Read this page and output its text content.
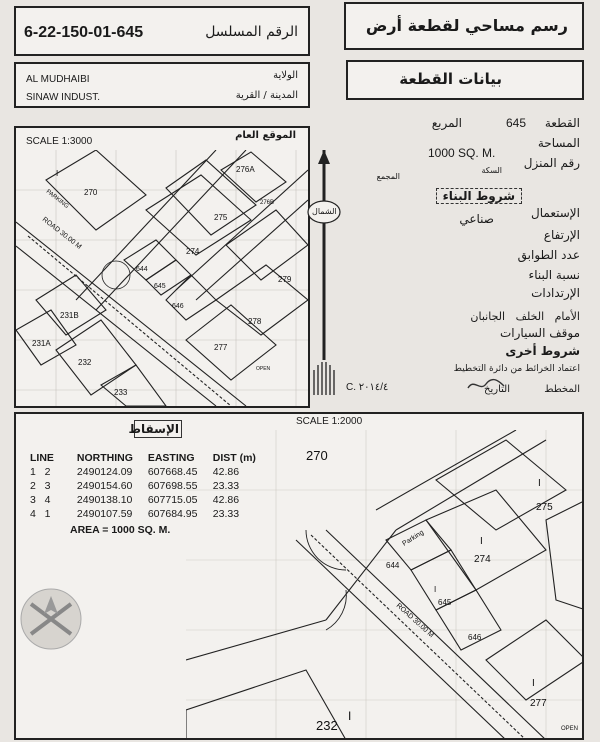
6-22-150-01-645	الرقم المسلسل	رسم مساحي لقطعة أرض
AL MUDHAIBI	الولاية
SINAW INDUST.	المدينة / القرية
بيانات القطعة
SCALE 1:3000
الموقع العام
270
I	276A
276B
275
274
644
645
646
279
278
277
231B
231A
232
233
OPEN
ROAD 30.00 M
PARKING
الشمال
القطعة
645
المربع
المساحة
1000 SQ. M.
رقم المنزل
السكة
المجمع
شروط البناء
الإستعمال
صناعي
الإرتفاع
عدد الطوابق
نسبة البناء
الإرتدادات
الأمام   الخلف   الجانبان
موقف السيارات
شروط أخرى
اعتماد الخرائط من دائرة التخطيط
المخطط
التاريخ
C. ٢٠١٤/٤
الإسقاط
SCALE 1:2000
LINE NORTHING EASTING DIST (m)
1   2	2490124.09 607668.45 42.86
2   3	2490154.60 607698.55 23.33
3   4	2490138.10 607715.05 42.86
4   1	2490107.59 607684.95 23.33
AREA = 1000 SQ. M.
270
I
275
I
274
644
I
645
646
I
277
232
I
OPEN
ROAD 30.00 M
Parking
